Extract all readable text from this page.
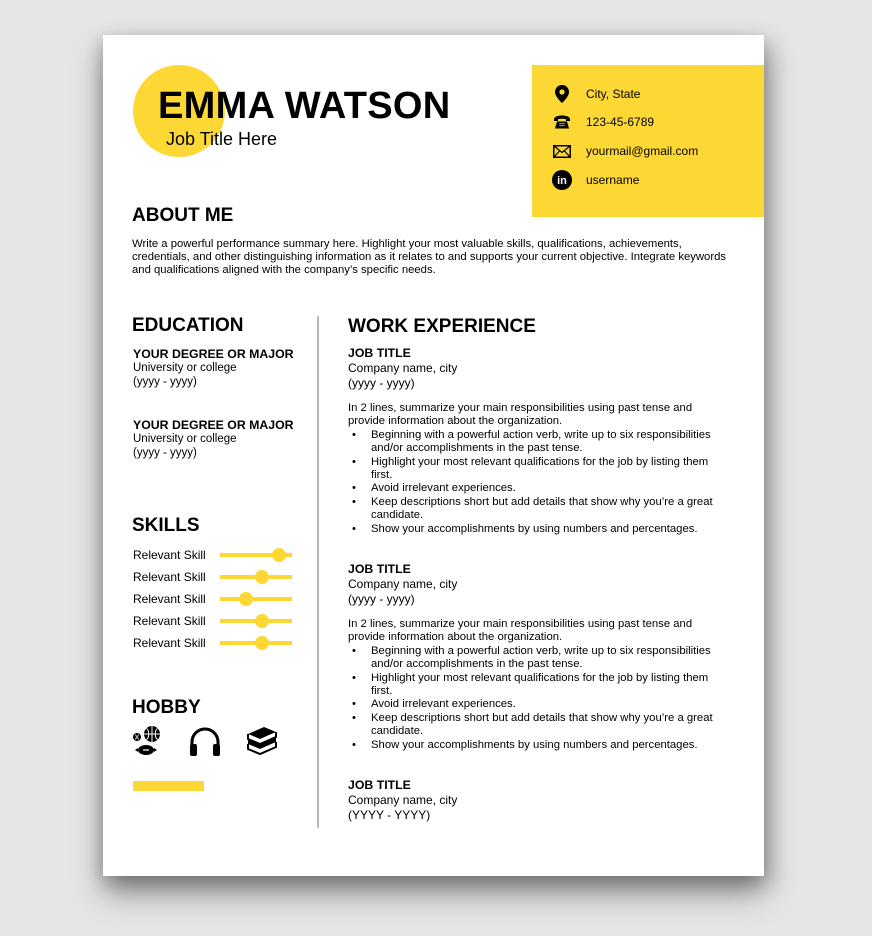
EMMA WATSON
Job Title Here
City, State
123-45-6789
yourmail@gmail.com
in username
ABOUT ME
Write a powerful performance summary here. Highlight your most valuable skills, qualifications, achievements, credentials, and other distinguishing information as it relates to and supports your current objective. Integrate keywords and qualifications aligned with the company’s specific needs.
EDUCATION
YOUR DEGREE OR MAJOR
University or college
(yyyy - yyyy)
YOUR DEGREE OR MAJOR
University or college
(yyyy - yyyy)
SKILLS
Relevant Skill
Relevant Skill
Relevant Skill
Relevant Skill
Relevant Skill
HOBBY
WORK EXPERIENCE
JOB TITLE
Company name, city
(yyyy - yyyy)
In 2 lines, summarize your main responsibilities using past tense and provide information about the organization.
• Beginning with a powerful action verb, write up to six responsibilities and/or accomplishments in the past tense.
• Highlight your most relevant qualifications for the job by listing them first.
• Avoid irrelevant experiences.
• Keep descriptions short but add details that show why you’re a great candidate.
• Show your accomplishments by using numbers and percentages.
JOB TITLE
Company name, city
(yyyy - yyyy)
In 2 lines, summarize your main responsibilities using past tense and provide information about the organization.
• Beginning with a powerful action verb, write up to six responsibilities and/or accomplishments in the past tense.
• Highlight your most relevant qualifications for the job by listing them first.
• Avoid irrelevant experiences.
• Keep descriptions short but add details that show why you’re a great candidate.
• Show your accomplishments by using numbers and percentages.
JOB TITLE
Company name, city
(YYYY - YYYY)
